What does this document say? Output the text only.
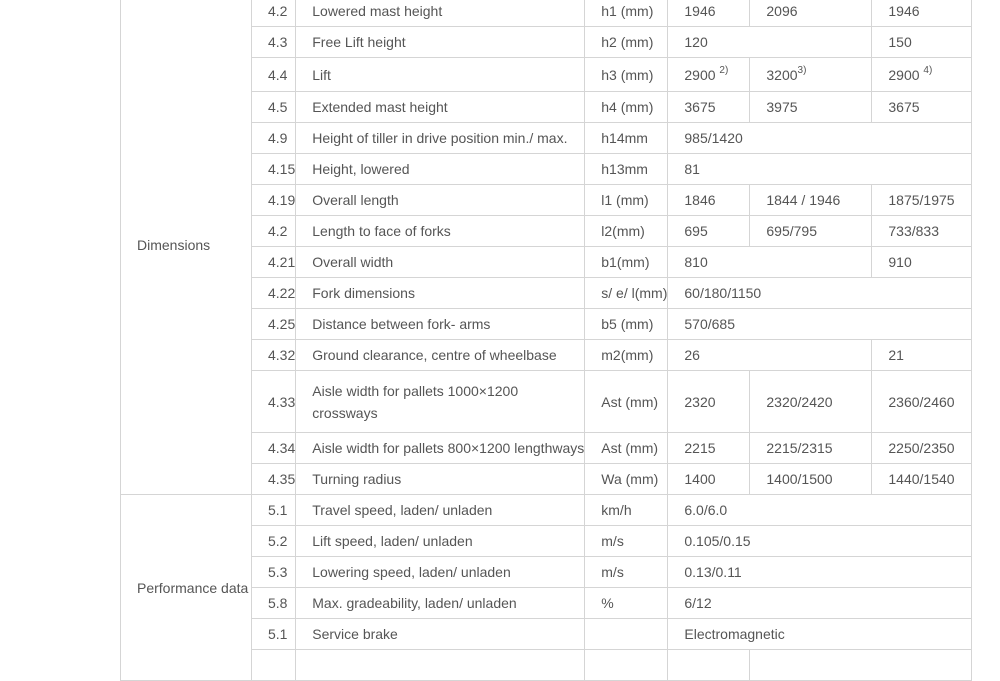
Dimensions	4.2	Lowered mast height	h1 (mm)	1946	2096	1946
	4.3	Free Lift height	h2 (mm)	120		150
	4.4	Lift	h3 (mm)	2900 $^{2)}$	3200$^{3)}$	2900 $^{4)}$
	4.5	Extended mast height	h4 (mm)	3675	3975	3675
	4.9	Height of tiller in drive position min./ max.	h14mm	985/1420		
	4.15	Height, lowered	h13mm	81		
	4.19	Overall length	l1 (mm)	1846	1844 / 1946	1875/1975
	4.2	Length to face of forks	l2(mm)	695	695/795	733/833
	4.21	Overall width	b1(mm)	810		910
	4.22	Fork dimensions	s/ e/ l(mm)	60/180/1150		
	4.25	Distance between fork- arms	b5 (mm)	570/685		
	4.32	Ground clearance, centre of wheelbase	m2(mm)	26		21
	4.33	Aisle width for pallets 1000×1200 crossways	Ast (mm)	2320	2320/2420	2360/2460
	4.34	Aisle width for pallets 800×1200 lengthways	Ast (mm)	2215	2215/2315	2250/2350
	4.35	Turning radius	Wa (mm)	1400	1400/1500	1440/1540
Performance data	5.1	Travel speed, laden/ unladen	km/h	6.0/6.0		
	5.2	Lift speed, laden/ unladen	m/s	0.105/0.15		
	5.3	Lowering speed, laden/ unladen	m/s	0.13/0.11		
	5.8	Max. gradeability, laden/ unladen	%	6/12		
	5.1	Service brake		Electromagnetic		
